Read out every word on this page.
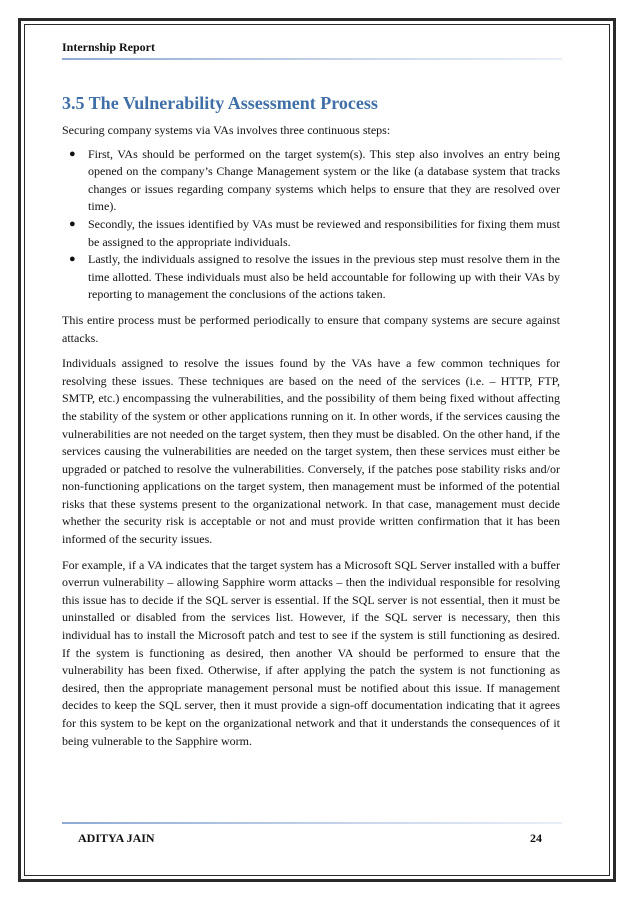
Internship Report
3.5 The Vulnerability Assessment Process

Securing company systems via VAs involves three continuous steps:

● First, VAs should be performed on the target system(s). This step also involves an entry being opened on the company’s Change Management system or the like (a database system that tracks changes or issues regarding company systems which helps to ensure that they are resolved over time).
● Secondly, the issues identified by VAs must be reviewed and responsibilities for fixing them must be assigned to the appropriate individuals.
● Lastly, the individuals assigned to resolve the issues in the previous step must resolve them in the time allotted. These individuals must also be held accountable for following up with their VAs by reporting to management the conclusions of the actions taken.

This entire process must be performed periodically to ensure that company systems are secure against attacks.

Individuals assigned to resolve the issues found by the VAs have a few common techniques for resolving these issues. These techniques are based on the need of the services (i.e. – HTTP, FTP, SMTP, etc.) encompassing the vulnerabilities, and the possibility of them being fixed without affecting the stability of the system or other applications running on it. In other words, if the services causing the vulnerabilities are not needed on the target system, then they must be disabled. On the other hand, if the services causing the vulnerabilities are needed on the target system, then these services must either be upgraded or patched to resolve the vulnerabilities. Conversely, if the patches pose stability risks and/or non-functioning applications on the target system, then management must be informed of the potential risks that these systems present to the organizational network. In that case, management must decide whether the security risk is acceptable or not and must provide written confirmation that it has been informed of the security issues.

For example, if a VA indicates that the target system has a Microsoft SQL Server installed with a buffer overrun vulnerability – allowing Sapphire worm attacks – then the individual responsible for resolving this issue has to decide if the SQL server is essential. If the SQL server is not essential, then it must be uninstalled or disabled from the services list. However, if the SQL server is necessary, then this individual has to install the Microsoft patch and test to see if the system is still functioning as desired. If the system is functioning as desired, then another VA should be performed to ensure that the vulnerability has been fixed. Otherwise, if after applying the patch the system is not functioning as desired, then the appropriate management personal must be notified about this issue. If management decides to keep the SQL server, then it must provide a sign-off documentation indicating that it agrees for this system to be kept on the organizational network and that it understands the consequences of it being vulnerable to the Sapphire worm.

ADITYA JAIN	24
